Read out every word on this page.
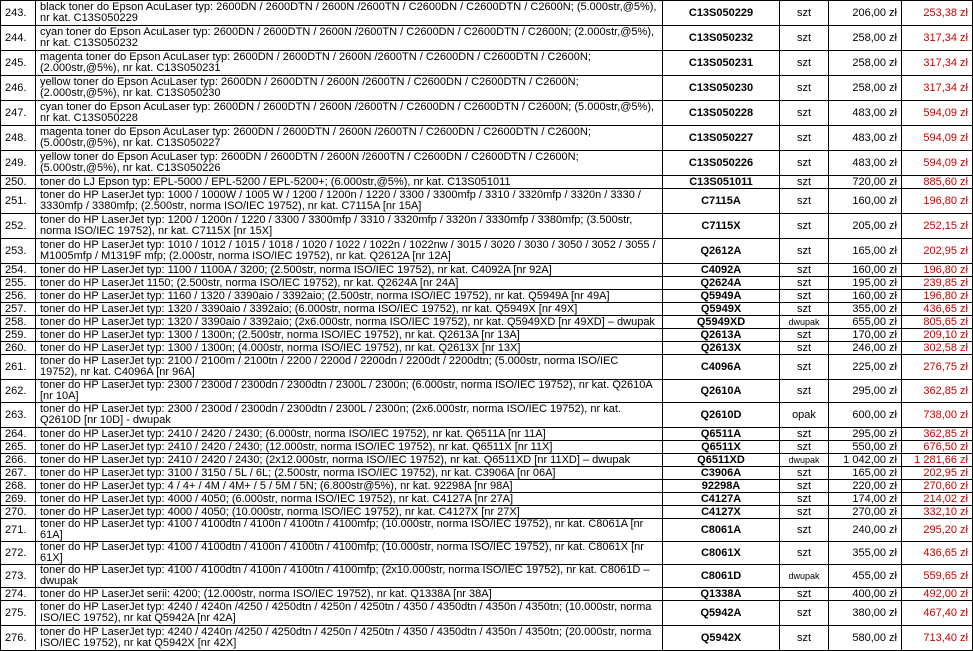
243.	black toner do Epson AcuLaser typ: 2600DN / 2600DTN / 2600N /2600TN / C2600DN / C2600DTN / C2600N; (5.000str,@5%), nr kat. C13S050229	C13S050229	szt	206,00 zł	253,38 zł
244.	cyan toner do Epson AcuLaser typ: 2600DN / 2600DTN / 2600N /2600TN / C2600DN / C2600DTN / C2600N; (2.000str,@5%), nr kat. C13S050232	C13S050232	szt	258,00 zł	317,34 zł
245.	magenta toner do Epson AcuLaser typ: 2600DN / 2600DTN / 2600N /2600TN / C2600DN / C2600DTN / C2600N; (2.000str,@5%), nr kat. C13S050231	C13S050231	szt	258,00 zł	317,34 zł
246.	yellow toner do Epson AcuLaser typ: 2600DN / 2600DTN / 2600N /2600TN / C2600DN / C2600DTN / C2600N; (2.000str,@5%), nr kat. C13S050230	C13S050230	szt	258,00 zł	317,34 zł
247.	cyan toner do Epson AcuLaser typ: 2600DN / 2600DTN / 2600N /2600TN / C2600DN / C2600DTN / C2600N; (5.000str,@5%), nr kat. C13S050228	C13S050228	szt	483,00 zł	594,09 zł
248.	magenta toner do Epson AcuLaser typ: 2600DN / 2600DTN / 2600N /2600TN / C2600DN / C2600DTN / C2600N; (5.000str,@5%), nr kat. C13S050227	C13S050227	szt	483,00 zł	594,09 zł
249.	yellow toner do Epson AcuLaser typ: 2600DN / 2600DTN / 2600N /2600TN / C2600DN / C2600DTN / C2600N; (5.000str,@5%), nr kat. C13S050226	C13S050226	szt	483,00 zł	594,09 zł
250.	toner do LJ Epson typ: EPL-5000 / EPL-5200 / EPL-5200+; (6.000str,@5%), nr kat. C13S051011	C13S051011	szt	720,00 zł	885,60 zł
251.	toner do HP LaserJet typ: 1000 / 1000W / 1005 W / 1200 / 1200n / 1220 / 3300 / 3300mfp / 3310 / 3320mfp / 3320n / 3330 / 3330mfp / 3380mfp; (2.500str, norma ISO/IEC 19752), nr kat. C7115A [nr 15A]	C7115A	szt	160,00 zł	196,80 zł
252.	toner do HP LaserJet typ: 1200 / 1200n / 1220 / 3300 / 3300mfp / 3310 / 3320mfp / 3320n / 3330mfp / 3380mfp; (3.500str, norma ISO/IEC 19752), nr kat. C7115X [nr 15X]	C7115X	szt	205,00 zł	252,15 zł
253.	toner do HP LaserJet typ: 1010 / 1012 / 1015 / 1018 / 1020 / 1022 / 1022n / 1022nw / 3015 / 3020 / 3030 / 3050 / 3052 / 3055 / M1005mfp / M1319F mfp; (2.000str, norma ISO/IEC 19752), nr kat. Q2612A [nr 12A]	Q2612A	szt	165,00 zł	202,95 zł
254.	toner do HP LaserJet typ: 1100 / 1100A / 3200; (2.500str, norma ISO/IEC 19752), nr kat. C4092A [nr 92A]	C4092A	szt	160,00 zł	196,80 zł
255.	toner do HP LaserJet 1150; (2.500str, norma ISO/IEC 19752), nr kat. Q2624A [nr 24A]	Q2624A	szt	195,00 zł	239,85 zł
256.	toner do HP LaserJet typ: 1160 / 1320 / 3390aio / 3392aio; (2.500str, norma ISO/IEC 19752), nr kat. Q5949A [nr 49A]	Q5949A	szt	160,00 zł	196,80 zł
257.	toner do HP LaserJet typ: 1320 / 3390aio / 3392aio; (6.000str, norma ISO/IEC 19752), nr kat. Q5949X [nr 49X]	Q5949X	szt	355,00 zł	436,65 zł
258.	toner do HP LaserJet typ: 1320 / 3390aio / 3392aio; (2x6.000str, norma ISO/IEC 19752), nr kat. Q5949XD [nr 49XD] – dwupak	Q5949XD	dwupak	655,00 zł	805,65 zł
259.	toner do HP LaserJet typ: 1300 / 1300n; (2.500str, norma ISO/IEC 19752), nr kat. Q2613A [nr 13A]	Q2613A	szt	170,00 zł	209,10 zł
260.	toner do HP LaserJet typ: 1300 / 1300n; (4.000str, norma ISO/IEC 19752), nr kat. Q2613X [nr 13X]	Q2613X	szt	246,00 zł	302,58 zł
261.	toner do HP LaserJet typ: 2100 / 2100m / 2100tn / 2200 / 2200d / 2200dn / 2200dt / 2200dtn; (5.000str, norma ISO/IEC 19752), nr kat. C4096A [nr 96A]	C4096A	szt	225,00 zł	276,75 zł
262.	toner do HP LaserJet typ: 2300 / 2300d / 2300dn / 2300dtn / 2300L / 2300n; (6.000str, norma ISO/IEC 19752), nr kat. Q2610A [nr 10A]	Q2610A	szt	295,00 zł	362,85 zł
263.	toner do HP LaserJet typ: 2300 / 2300d / 2300dn / 2300dtn / 2300L / 2300n; (2x6.000str, norma ISO/IEC 19752), nr kat. Q2610D [nr 10D] - dwupak	Q2610D	opak	600,00 zł	738,00 zł
264.	toner do HP LaserJet typ: 2410 / 2420 / 2430; (6.000str, norma ISO/IEC 19752), nr kat. Q6511A [nr 11A]	Q6511A	szt	295,00 zł	362,85 zł
265.	toner do HP LaserJet typ: 2410 / 2420 / 2430; (12.000str, norma ISO/IEC 19752), nr kat. Q6511X [nr 11X]	Q6511X	szt	550,00 zł	676,50 zł
266.	toner do HP LaserJet typ: 2410 / 2420 / 2430; (2x12.000str, norma ISO/IEC 19752), nr kat. Q6511XD [nr 11XD] – dwupak	Q6511XD	dwupak	1 042,00 zł	1 281,66 zł
267.	toner do HP LaserJet typ: 3100 / 3150 / 5L / 6L; (2.500str, norma ISO/IEC 19752), nr kat. C3906A [nr 06A]	C3906A	szt	165,00 zł	202,95 zł
268.	toner do HP LaserJet typ: 4 / 4+ / 4M / 4M+ / 5 / 5M / 5N; (6.800str@5%), nr kat. 92298A [nr 98A]	92298A	szt	220,00 zł	270,60 zł
269.	toner do HP LaserJet typ: 4000 / 4050; (6.000str, norma ISO/IEC 19752), nr kat. C4127A [nr 27A]	C4127A	szt	174,00 zł	214,02 zł
270.	toner do HP LaserJet typ: 4000 / 4050; (10.000str, norma ISO/IEC 19752), nr kat. C4127X [nr 27X]	C4127X	szt	270,00 zł	332,10 zł
271.	toner do HP LaserJet typ: 4100 / 4100dtn / 4100n / 4100tn / 4100mfp; (10.000str, norma ISO/IEC 19752), nr kat. C8061A [nr 61A]	C8061A	szt	240,00 zł	295,20 zł
272.	toner do HP LaserJet typ: 4100 / 4100dtn / 4100n / 4100tn / 4100mfp; (10.000str, norma ISO/IEC 19752), nr kat. C8061X [nr 61X]	C8061X	szt	355,00 zł	436,65 zł
273.	toner do HP LaserJet typ: 4100 / 4100dtn / 4100n / 4100tn / 4100mfp; (2x10.000str, norma ISO/IEC 19752), nr kat. C8061D – dwupak	C8061D	dwupak	455,00 zł	559,65 zł
274.	toner do HP LaserJet serii: 4200; (12.000str, norma ISO/IEC 19752), nr kat. Q1338A [nr 38A]	Q1338A	szt	400,00 zł	492,00 zł
275.	toner do HP LaserJet typ: 4240 / 4240n /4250 / 4250dtn / 4250n / 4250tn / 4350 / 4350dtn / 4350n / 4350tn; (10.000str, norma ISO/IEC 19752), nr kat Q5942A [nr 42A]	Q5942A	szt	380,00 zł	467,40 zł
276.	toner do HP LaserJet typ: 4240 / 4240n /4250 / 4250dtn / 4250n / 4250tn / 4350 / 4350dtn / 4350n / 4350tn; (20.000str, norma ISO/IEC 19752), nr kat Q5942X [nr 42X]	Q5942X	szt	580,00 zł	713,40 zł
